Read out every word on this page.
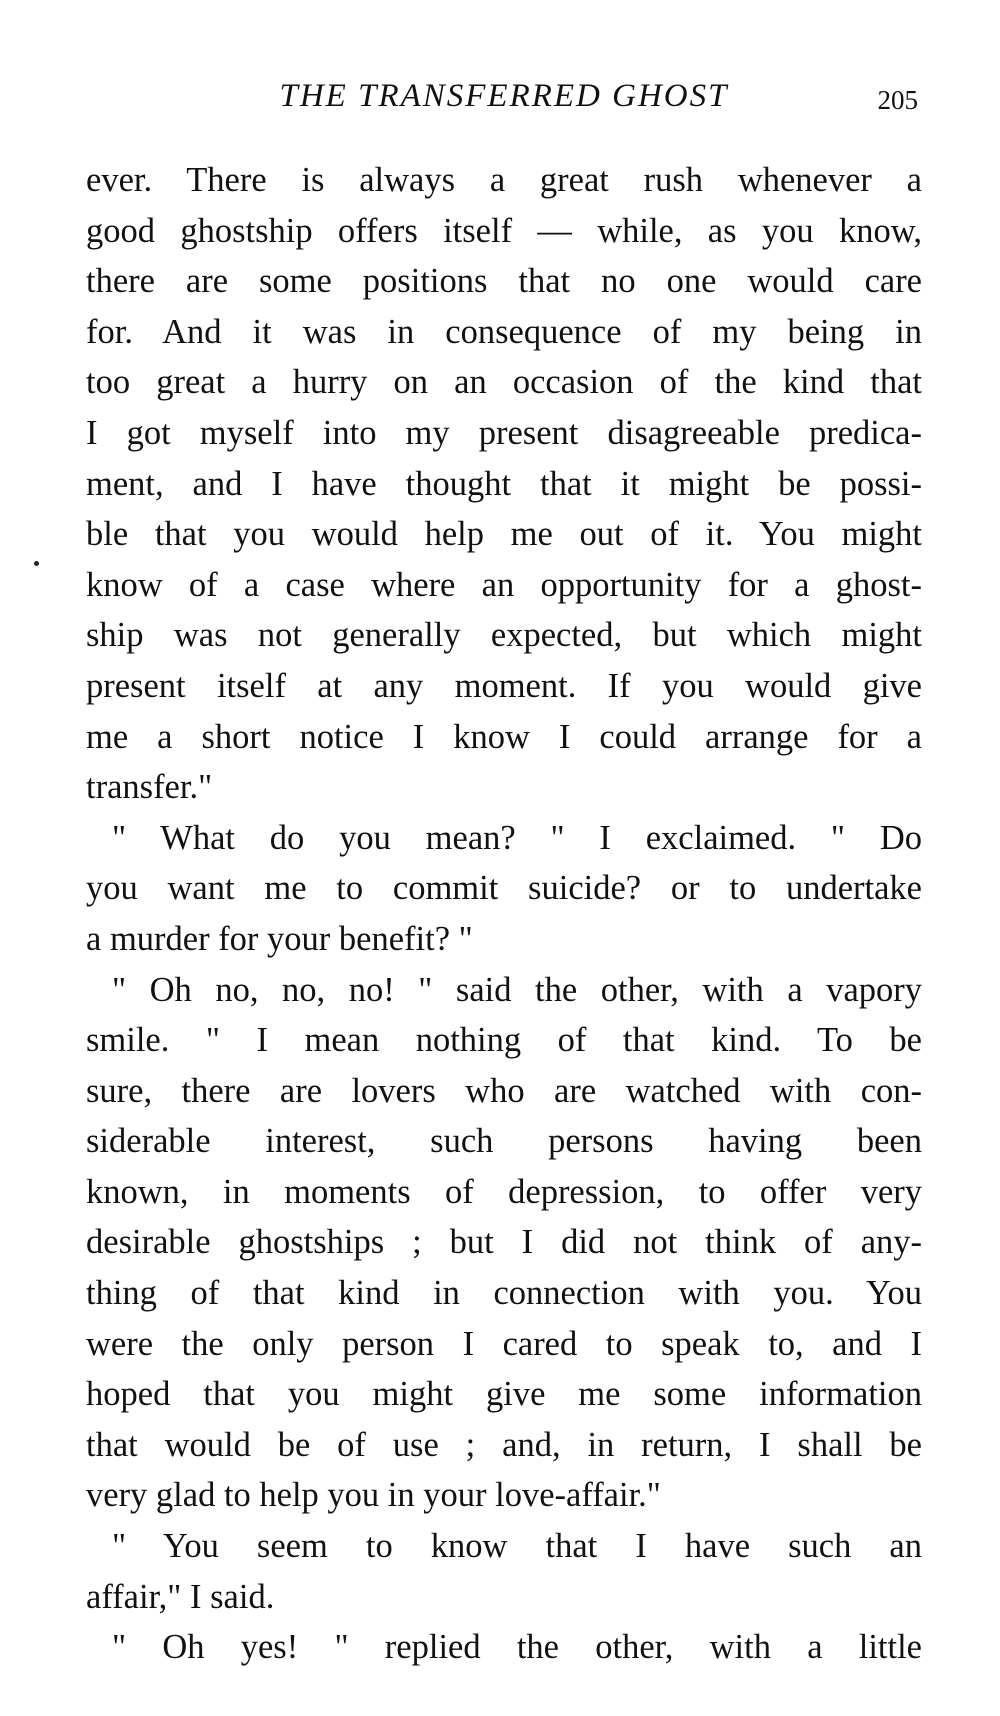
THE TRANSFERRED GHOST	205
ever. There is always a great rush whenever a
good ghostship offers itself — while, as you know,
there are some positions that no one would care
for. And it was in consequence of my being in
too great a hurry on an occasion of the kind that
I got myself into my present disagreeable predica-
ment, and I have thought that it might be possi-
ble that you would help me out of it. You might
know of a case where an opportunity for a ghost-
ship was not generally expected, but which might
present itself at any moment. If you would give
me a short notice I know I could arrange for a
transfer."
" What do you mean? " I exclaimed. " Do
you want me to commit suicide? or to undertake
a murder for your benefit? "
" Oh no, no, no! " said the other, with a vapory
smile. " I mean nothing of that kind. To be
sure, there are lovers who are watched with con-
siderable interest, such persons having been
known, in moments of depression, to offer very
desirable ghostships ; but I did not think of any-
thing of that kind in connection with you. You
were the only person I cared to speak to, and I
hoped that you might give me some information
that would be of use ; and, in return, I shall be
very glad to help you in your love-affair."
" You seem to know that I have such an
affair," I said.
" Oh yes! " replied the other, with a little
